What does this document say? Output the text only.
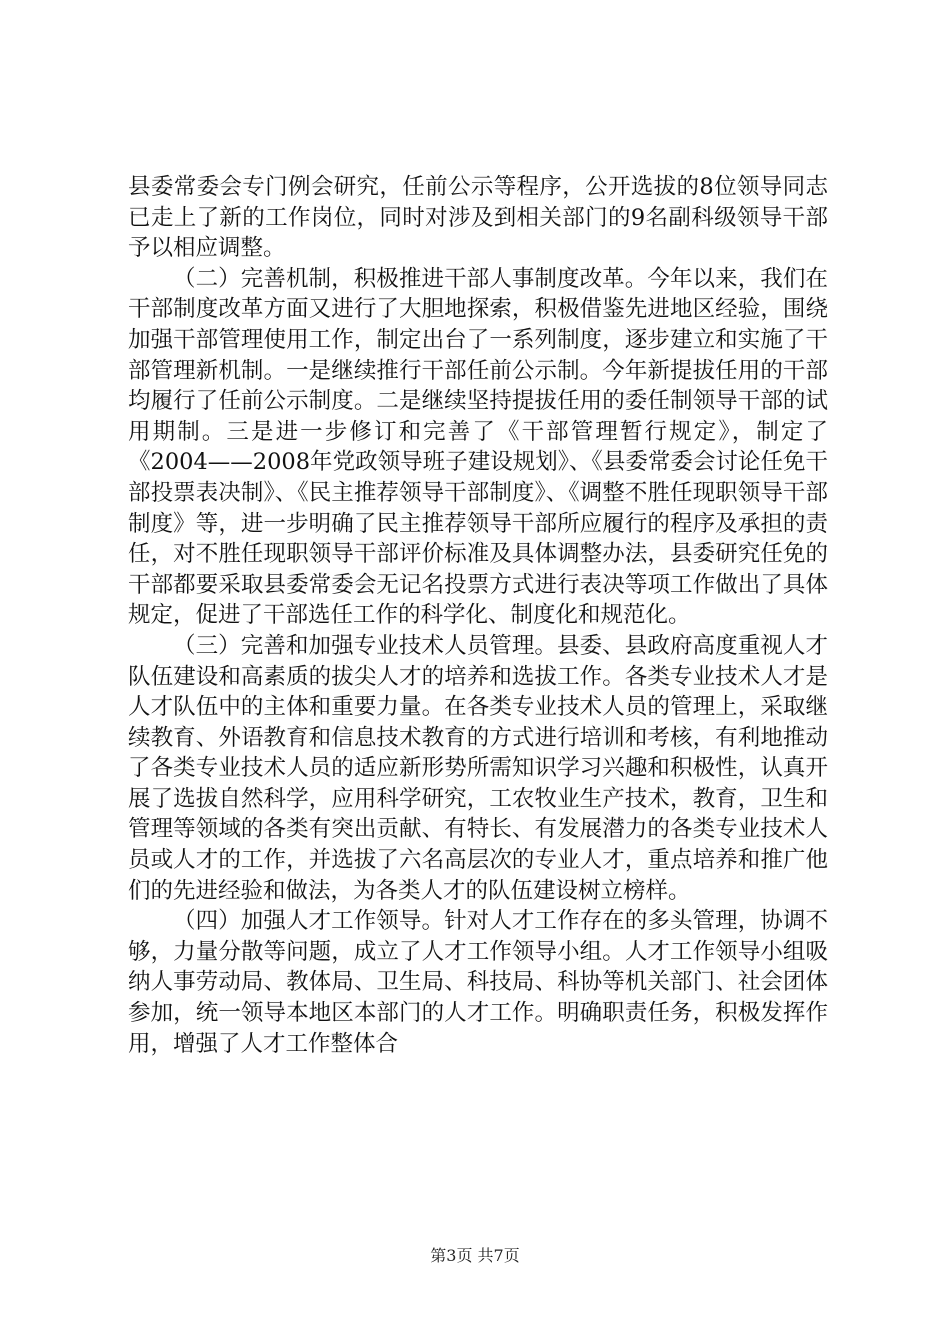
县委常委会专门例会研究，任前公示等程序，公开选拔的8位领导同志已走上了新的工作岗位，同时对涉及到相关部门的9名副科级领导干部予以相应调整。

（二）完善机制，积极推进干部人事制度改革。今年以来，我们在干部制度改革方面又进行了大胆地探索，积极借鉴先进地区经验，围绕加强干部管理使用工作，制定出台了一系列制度，逐步建立和实施了干部管理新机制。一是继续推行干部任前公示制。今年新提拔任用的干部均履行了任前公示制度。二是继续坚持提拔任用的委任制领导干部的试用期制。三是进一步修订和完善了《干部管理暂行规定》，制定了《2004——2008年党政领导班子建设规划》、《县委常委会讨论任免干部投票表决制》、《民主推荐领导干部制度》、《调整不胜任现职领导干部制度》等，进一步明确了民主推荐领导干部所应履行的程序及承担的责任，对不胜任现职领导干部评价标准及具体调整办法，县委研究任免的干部都要采取县委常委会无记名投票方式进行表决等项工作做出了具体规定，促进了干部选任工作的科学化、制度化和规范化。

（三）完善和加强专业技术人员管理。县委、县政府高度重视人才队伍建设和高素质的拔尖人才的培养和选拔工作。各类专业技术人才是人才队伍中的主体和重要力量。在各类专业技术人员的管理上，采取继续教育、外语教育和信息技术教育的方式进行培训和考核，有利地推动了各类专业技术人员的适应新形势所需知识学习兴趣和积极性，认真开展了选拔自然科学，应用科学研究，工农牧业生产技术，教育，卫生和管理等领域的各类有突出贡献、有特长、有发展潜力的各类专业技术人员或人才的工作，并选拔了六名高层次的专业人才，重点培养和推广他们的先进经验和做法，为各类人才的队伍建设树立榜样。

（四）加强人才工作领导。针对人才工作存在的多头管理，协调不够，力量分散等问题，成立了人才工作领导小组。人才工作领导小组吸纳人事劳动局、教体局、卫生局、科技局、科协等机关部门、社会团体参加，统一领导本地区本部门的人才工作。明确职责任务，积极发挥作用，增强了人才工作整体合

第3页 共7页
